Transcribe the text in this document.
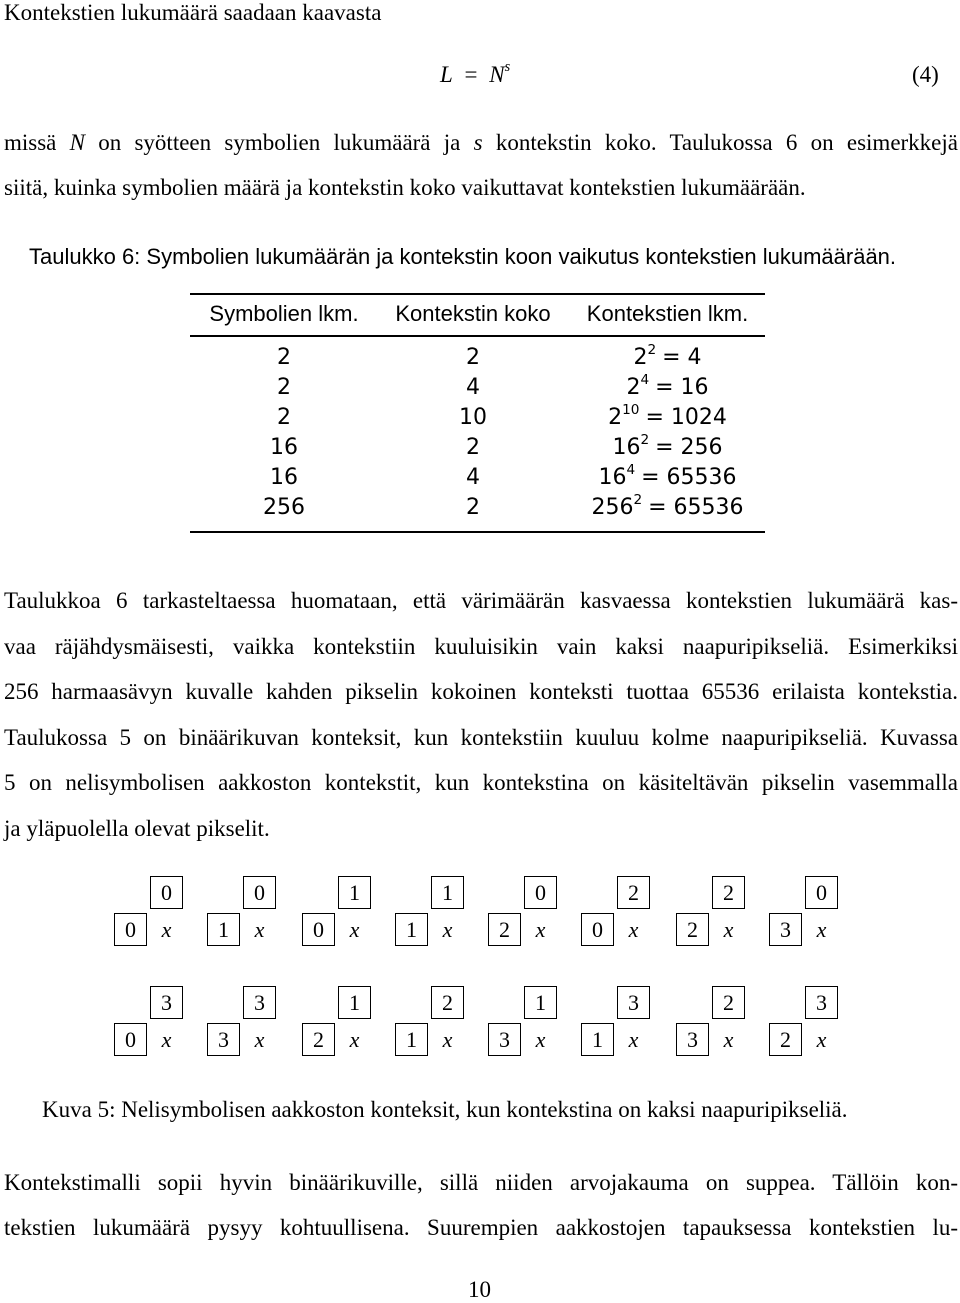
Kontekstien lukumäärä saadaan kaavasta
$L = N^s$	(4)
missä N on syötteen symbolien lukumäärä ja s kontekstin koko. Taulukossa 6 on esimerkkejä
siitä, kuinka symbolien määrä ja kontekstin koko vaikuttavat kontekstien lukumäärään.
Taulukko 6: Symbolien lukumäärän ja kontekstin koon vaikutus kontekstien lukumäärään.
Symbolien lkm.	Kontekstin koko	Kontekstien lkm.
2	2	$2^2 = 4$
2	4	$2^4 = 16$
2	10	$2^{10} = 1024$
16	2	$16^2 = 256$
16	4	$16^4 = 65536$
256	2	$256^2 = 65536$
Taulukkoa 6 tarkasteltaessa huomataan, että värimäärän kasvaessa kontekstien lukumäärä kas-
vaa räjähdysmäisesti, vaikka kontekstiin kuuluisikin vain kaksi naapuripikseliä. Esimerkiksi
256 harmaasävyn kuvalle kahden pikselin kokoinen konteksti tuottaa 65536 erilaista kontekstia.
Taulukossa 5 on binäärikuvan konteksit, kun kontekstiin kuuluu kolme naapuripikseliä. Kuvassa
5 on nelisymbolisen aakkoston kontekstit, kun kontekstina on käsiteltävän pikselin vasemmalla
ja yläpuolella olevat pikselit.
0
0	x
0
1	x
1
0	x
1
1	x
0
2	x
2
0	x
2
2	x
0
3	x
3
0	x
3
3	x
1
2	x
2
1	x
1
3	x
3
1	x
2
3	x
3
2	x
Kuva 5: Nelisymbolisen aakkoston konteksit, kun kontekstina on kaksi naapuripikseliä.
Kontekstimalli sopii hyvin binäärikuville, sillä niiden arvojakauma on suppea. Tällöin kon-
tekstien lukumäärä pysyy kohtuullisena. Suurempien aakkostojen tapauksessa kontekstien lu-
10
